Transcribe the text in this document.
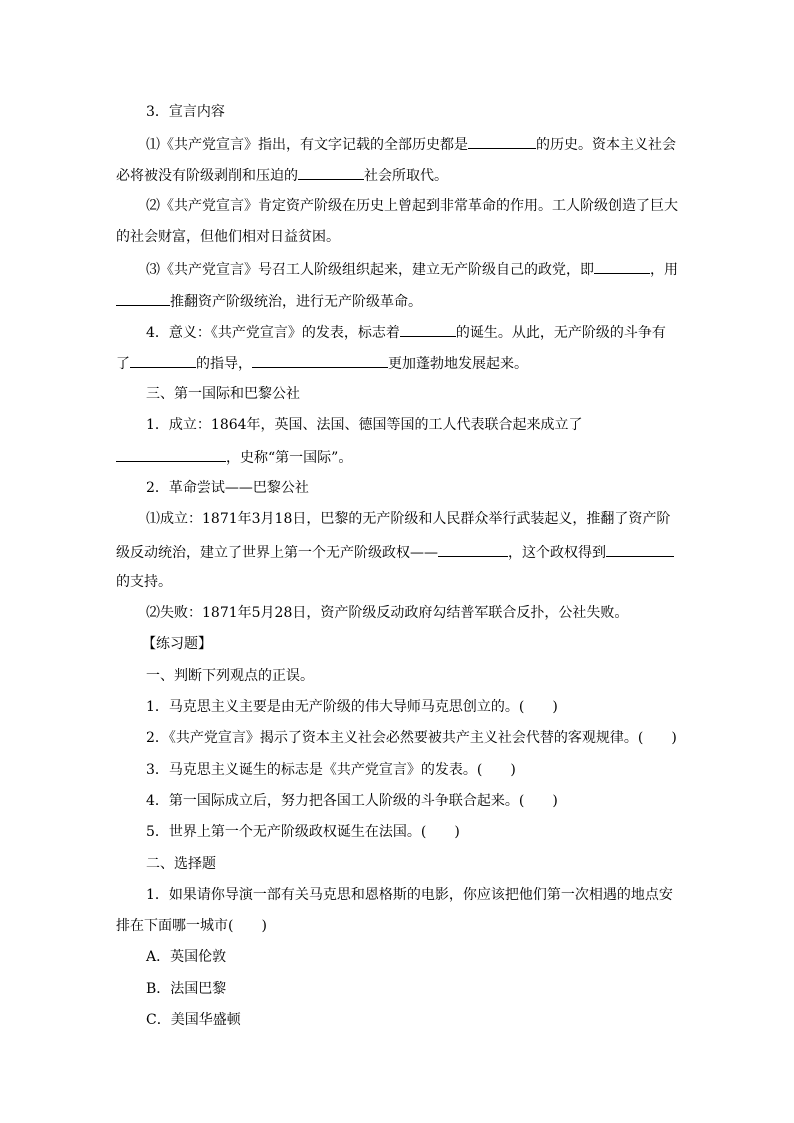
3．宣言内容
⑴《共产党宣言》指出，有文字记载的全部历史都是	的历史。资本主义社会
必将被没有阶级剥削和压迫的	社会所取代。
⑵《共产党宣言》肯定资产阶级在历史上曾起到非常革命的作用。工人阶级创造了巨大
的社会财富，但他们相对日益贫困。
⑶《共产党宣言》号召工人阶级组织起来，建立无产阶级自己的政党，即	，用
推翻资产阶级统治，进行无产阶级革命。
4．意义：《共产党宣言》的发表，标志着	的诞生。从此，无产阶级的斗争有
了	的指导，	更加蓬勃地发展起来。
三、第一国际和巴黎公社
1．成立：1864年，英国、法国、德国等国的工人代表联合起来成立了
，史称“第一国际”。
2．革命尝试——巴黎公社
⑴成立：1871年3月18日，巴黎的无产阶级和人民群众举行武装起义，推翻了资产阶
级反动统治，建立了世界上第一个无产阶级政权——	，这个政权得到
的支持。
⑵失败：1871年5月28日，资产阶级反动政府勾结普军联合反扑，公社失败。
【练习题】
一、判断下列观点的正误。
1．马克思主义主要是由无产阶级的伟大导师马克思创立的。(　　)
2．《共产党宣言》揭示了资本主义社会必然要被共产主义社会代替的客观规律。(　　)
3．马克思主义诞生的标志是《共产党宣言》的发表。(　　)
4．第一国际成立后，努力把各国工人阶级的斗争联合起来。(　　)
5．世界上第一个无产阶级政权诞生在法国。(　　)
二、选择题
1．如果请你导演一部有关马克思和恩格斯的电影，你应该把他们第一次相遇的地点安
排在下面哪一城市(　　)
A．英国伦敦
B．法国巴黎
C．美国华盛顿
